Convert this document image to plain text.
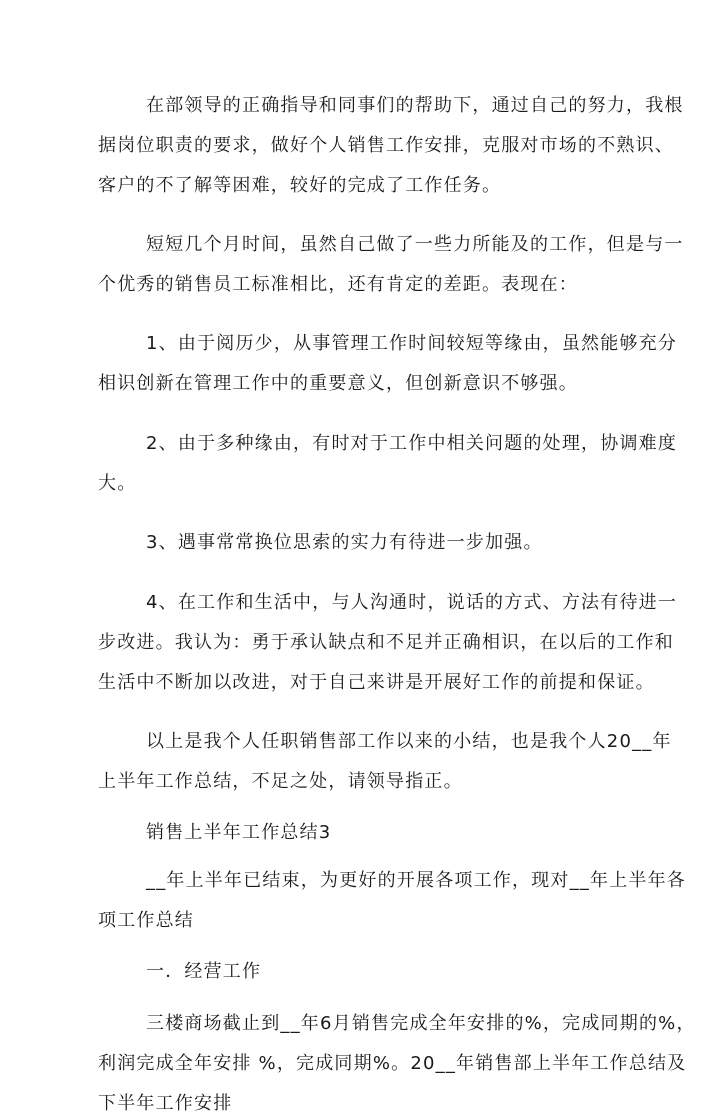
在部领导的正确指导和同事们的帮助下，通过自己的努力，我根
据岗位职责的要求，做好个人销售工作安排，克服对市场的不熟识、
客户的不了解等困难，较好的完成了工作任务。
短短几个月时间，虽然自己做了一些力所能及的工作，但是与一
个优秀的销售员工标准相比，还有肯定的差距。表现在：
1、由于阅历少，从事管理工作时间较短等缘由，虽然能够充分
相识创新在管理工作中的重要意义，但创新意识不够强。
2、由于多种缘由，有时对于工作中相关问题的处理，协调难度
大。
3、遇事常常换位思索的实力有待进一步加强。
4、在工作和生活中，与人沟通时，说话的方式、方法有待进一
步改进。我认为：勇于承认缺点和不足并正确相识，在以后的工作和
生活中不断加以改进，对于自己来讲是开展好工作的前提和保证。
以上是我个人任职销售部工作以来的小结，也是我个人20__年
上半年工作总结，不足之处，请领导指正。
销售上半年工作总结3
__年上半年已结束，为更好的开展各项工作，现对__年上半年各
项工作总结
一．经营工作
三楼商场截止到__年6月销售完成全年安排的%，完成同期的%，
利润完成全年安排 %，完成同期%。20__年销售部上半年工作总结及
下半年工作安排
